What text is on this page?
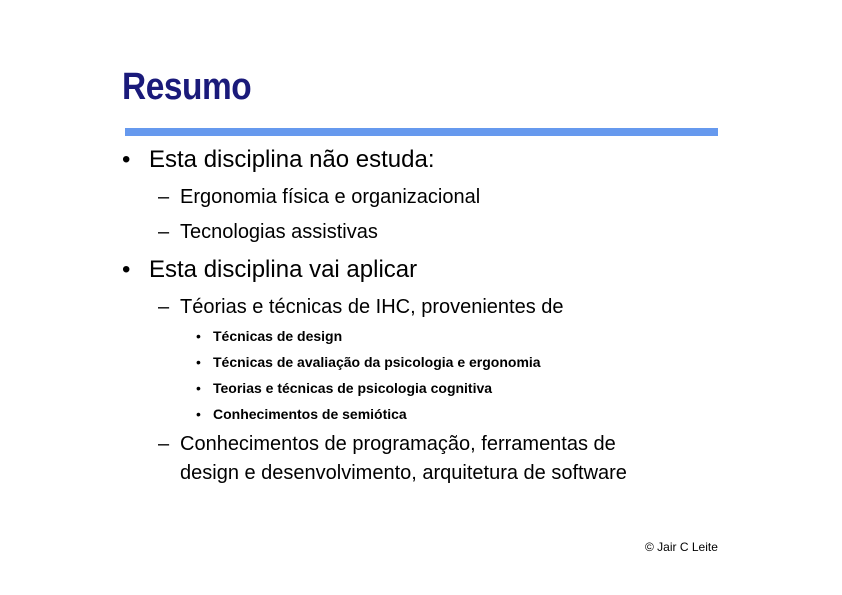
Resumo
• Esta disciplina não estuda:
– Ergonomia física e organizacional
– Tecnologias assistivas
• Esta disciplina vai aplicar
– Téorias e técnicas de IHC, provenientes de
• Técnicas de design
• Técnicas de avaliação da psicologia e ergonomia
• Teorias e técnicas de psicologia cognitiva
• Conhecimentos de semiótica
– Conhecimentos de programação, ferramentas de
design e desenvolvimento, arquitetura de software
© Jair C Leite
